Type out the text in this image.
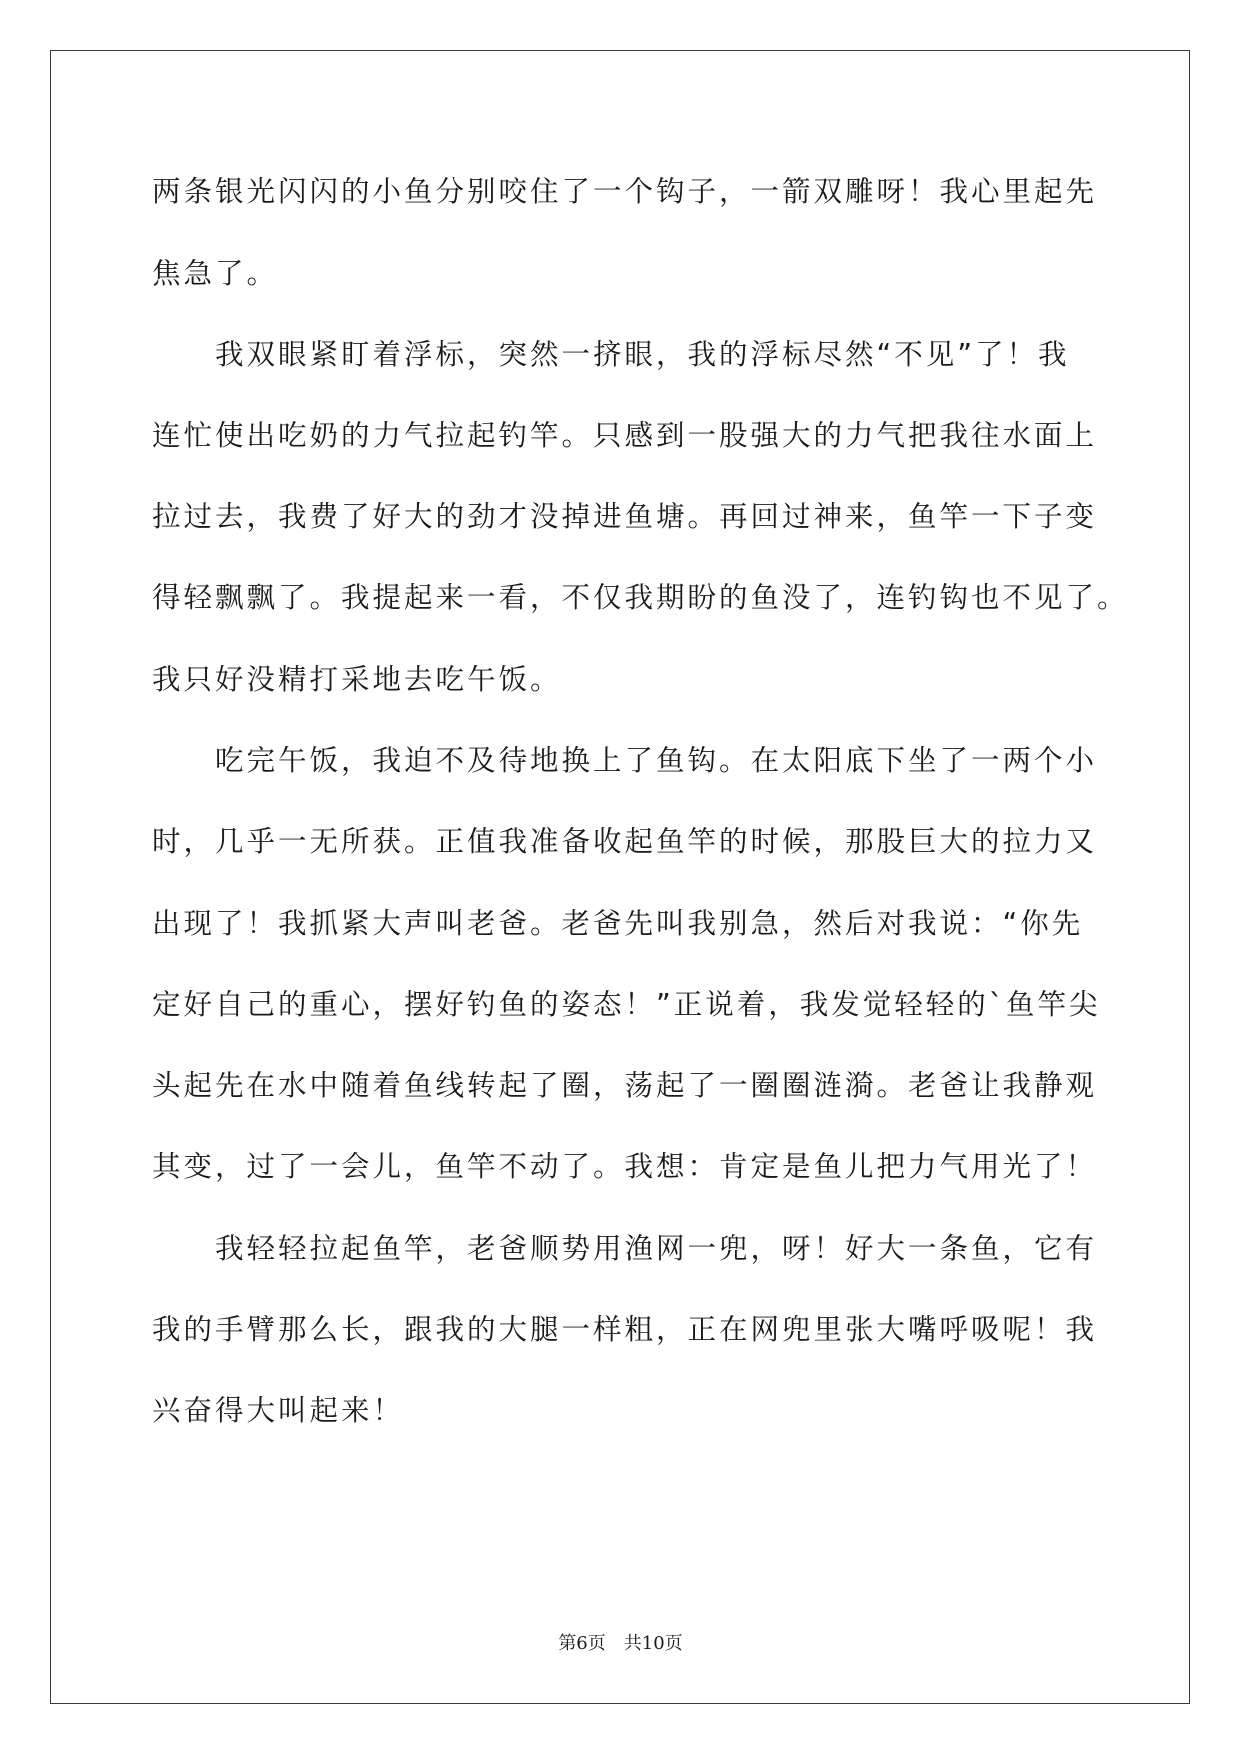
两条银光闪闪的小鱼分别咬住了一个钩子，一箭双雕呀！我心里起先
焦急了。
我双眼紧盯着浮标，突然一挤眼，我的浮标尽然“不见”了！我
连忙使出吃奶的力气拉起钓竿。只感到一股强大的力气把我往水面上
拉过去，我费了好大的劲才没掉进鱼塘。再回过神来，鱼竿一下子变
得轻飘飘了。我提起来一看，不仅我期盼的鱼没了，连钓钩也不见了。
我只好没精打采地去吃午饭。
吃完午饭，我迫不及待地换上了鱼钩。在太阳底下坐了一两个小
时，几乎一无所获。正值我准备收起鱼竿的时候，那股巨大的拉力又
出现了！我抓紧大声叫老爸。老爸先叫我别急，然后对我说：“你先
定好自己的重心，摆好钓鱼的姿态！”正说着，我发觉轻轻的`鱼竿尖
头起先在水中随着鱼线转起了圈，荡起了一圈圈涟漪。老爸让我静观
其变，过了一会儿，鱼竿不动了。我想：肯定是鱼儿把力气用光了！
我轻轻拉起鱼竿，老爸顺势用渔网一兜，呀！好大一条鱼，它有
我的手臂那么长，跟我的大腿一样粗，正在网兜里张大嘴呼吸呢！我
兴奋得大叫起来！
第6页　共10页
